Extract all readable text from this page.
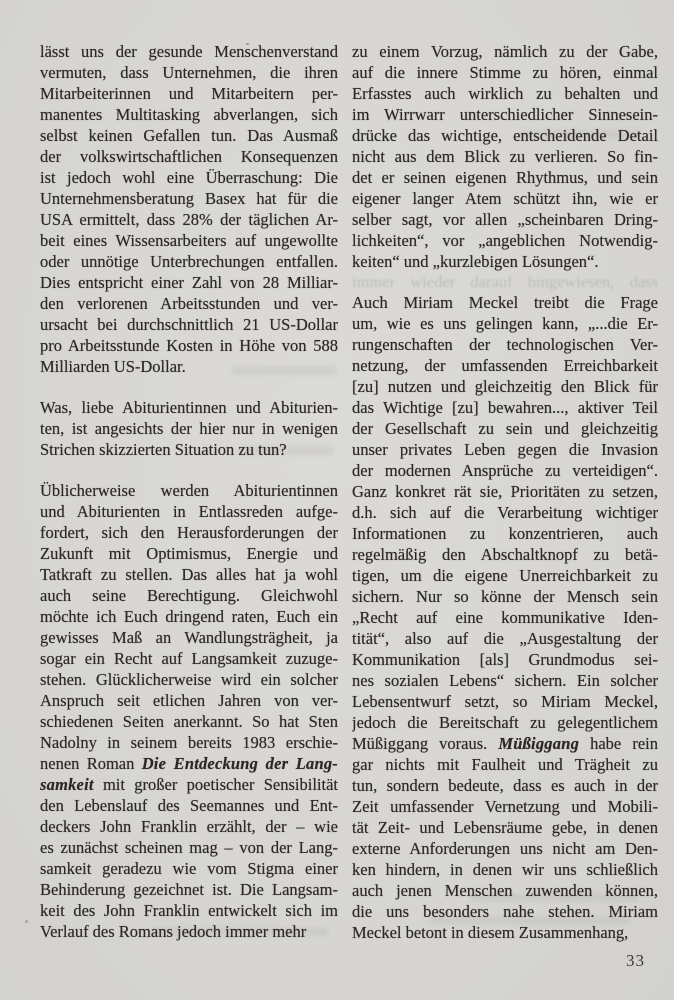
immer wieder darauf hingewiesen, dass
lässt uns der gesunde Menschenverstand
vermuten, dass Unternehmen, die ihren
Mitarbeiterinnen und Mitarbeitern per-
manentes Multitasking abverlangen, sich
selbst keinen Gefallen tun. Das Ausmaß
der volkswirtschaftlichen Konsequenzen
ist jedoch wohl eine Überraschung: Die
Unternehmensberatung Basex hat für die
USA ermittelt, dass 28% der täglichen Ar-
beit eines Wissensarbeiters auf ungewollte
oder unnötige Unterbrechungen entfallen.
Dies entspricht einer Zahl von 28 Milliar-
den verlorenen Arbeitsstunden und ver-
ursacht bei durchschnittlich 21 US-Dollar
pro Arbeitsstunde Kosten in Höhe von 588
Milliarden US-Dollar.
Was, liebe Abiturientinnen und Abiturien-
ten, ist angesichts der hier nur in wenigen
Strichen skizzierten Situation zu tun?
Üblicherweise werden Abiturientinnen
und Abiturienten in Entlassreden aufge-
fordert, sich den Herausforderungen der
Zukunft mit Optimismus, Energie und
Tatkraft zu stellen. Das alles hat ja wohl
auch seine Berechtigung. Gleichwohl
möchte ich Euch dringend raten, Euch ein
gewisses Maß an Wandlungsträgheit, ja
sogar ein Recht auf Langsamkeit zuzuge-
stehen. Glücklicherweise wird ein solcher
Anspruch seit etlichen Jahren von ver-
schiedenen Seiten anerkannt. So hat Sten
Nadolny in seinem bereits 1983 erschie-
nenen Roman Die Entdeckung der Lang-
samkeit mit großer poetischer Sensibilität
den Lebenslauf des Seemannes und Ent-
deckers John Franklin erzählt, der – wie
es zunächst scheinen mag – von der Lang-
samkeit geradezu wie vom Stigma einer
Behinderung gezeichnet ist. Die Langsam-
keit des John Franklin entwickelt sich im
Verlauf des Romans jedoch immer mehr
zu einem Vorzug, nämlich zu der Gabe,
auf die innere Stimme zu hören, einmal
Erfasstes auch wirklich zu behalten und
im Wirrwarr unterschiedlicher Sinnesein-
drücke das wichtige, entscheidende Detail
nicht aus dem Blick zu verlieren. So fin-
det er seinen eigenen Rhythmus, und sein
eigener langer Atem schützt ihn, wie er
selber sagt, vor allen „scheinbaren Dring-
lichkeiten“, vor „angeblichen Notwendig-
keiten“ und „kurzlebigen Lösungen“.
Auch Miriam Meckel treibt die Frage
um, wie es uns gelingen kann, „...die Er-
rungenschaften der technologischen Ver-
netzung, der umfassenden Erreichbarkeit
[zu] nutzen und gleichzeitig den Blick für
das Wichtige [zu] bewahren..., aktiver Teil
der Gesellschaft zu sein und gleichzeitig
unser privates Leben gegen die Invasion
der modernen Ansprüche zu verteidigen“.
Ganz konkret rät sie, Prioritäten zu setzen,
d.h. sich auf die Verarbeitung wichtiger
Informationen zu konzentrieren, auch
regelmäßig den Abschaltknopf zu betä-
tigen, um die eigene Unerreichbarkeit zu
sichern. Nur so könne der Mensch sein
„Recht auf eine kommunikative Iden-
tität“, also auf die „Ausgestaltung der
Kommunikation [als] Grundmodus sei-
nes sozialen Lebens“ sichern. Ein solcher
Lebensentwurf setzt, so Miriam Meckel,
jedoch die Bereitschaft zu gelegentlichem
Müßiggang voraus. Müßiggang habe rein
gar nichts mit Faulheit und Trägheit zu
tun, sondern bedeute, dass es auch in der
Zeit umfassender Vernetzung und Mobili-
tät Zeit- und Lebensräume gebe, in denen
externe Anforderungen uns nicht am Den-
ken hindern, in denen wir uns schließlich
auch jenen Menschen zuwenden können,
die uns besonders nahe stehen. Miriam
Meckel betont in diesem Zusammenhang,
33
